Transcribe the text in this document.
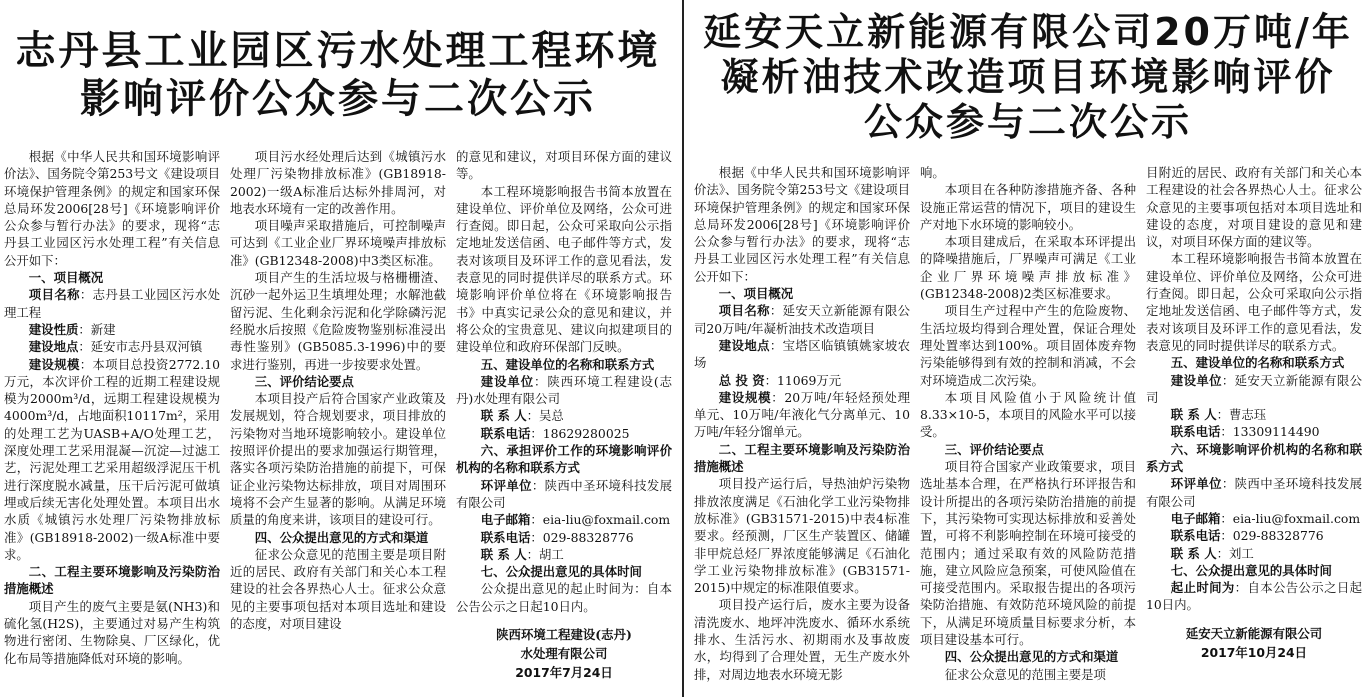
志丹县工业园区污水处理工程环境
影响评价公众参与二次公示

根据《中华人民共和国环境影响评价法》、国务院令第253号文《建设项目环境保护管理条例》的规定和国家环保总局环发2006[28号]《环境影响评价公众参与暂行办法》的要求，现将“志丹县工业园区污水处理工程”有关信息公开如下：

一、项目概况

项目名称：志丹县工业园区污水处理工程

建设性质：新建

建设地点：延安市志丹县双河镇

建设规模：本项目总投资2772.10万元，本次评价工程的近期工程建设规模为2000m³/d，远期工程建设规模为4000m³/d，占地面积10117m²，采用的处理工艺为UASB+A/O处理工艺，深度处理工艺采用混凝—沉淀—过滤工艺，污泥处理工艺采用超级浮泥压干机进行深度脱水减量，压干后污泥可做填埋或后续无害化处理处置。本项目出水水质《城镇污水处理厂污染物排放标准》(GB18918-2002)一级A标准中要求。

二、工程主要环境影响及污染防治措施概述

项目产生的废气主要是氨(NH3)和硫化氢(H2S)，主要通过对易产生构筑物进行密闭、生物除臭、厂区绿化，优化布局等措施降低对环境的影响。

项目污水经处理后达到《城镇污水处理厂污染物排放标准》(GB18918-2002)一级A标准后达标外排周河，对地表水环境有一定的改善作用。

项目噪声采取措施后，可控制噪声可达到《工业企业厂界环境噪声排放标准》(GB12348-2008)中3类区标准。

项目产生的生活垃圾与格栅栅渣、沉砂一起外运卫生填埋处理；水解池截留污泥、生化剩余污泥和化学除磷污泥经脱水后按照《危险废物鉴别标准浸出毒性鉴别》(GB5085.3-1996)中的要求进行鉴别，再进一步按要求处置。

三、评价结论要点

本项目投产后符合国家产业政策及发展规划，符合规划要求，项目排放的污染物对当地环境影响较小。建设单位按照评价提出的要求加强运行期管理，落实各项污染防治措施的前提下，可保证企业污染物达标排放，项目对周围环境将不会产生显著的影响。从满足环境质量的角度来讲，该项目的建设可行。

四、公众提出意见的方式和渠道

征求公众意见的范围主要是项目附近的居民、政府有关部门和关心本工程建设的社会各界热心人士。征求公众意见的主要事项包括对本项目选址和建设的态度，对项目建设

的意见和建议，对项目环保方面的建议等。

本工程环境影响报告书简本放置在建设单位、评价单位及网络，公众可进行查阅。即日起，公众可采取向公示指定地址发送信函、电子邮件等方式，发表对该项目及环评工作的意见看法，发表意见的同时提供详尽的联系方式。环境影响评价单位将在《环境影响报告书》中真实记录公众的意见和建议，并将公众的宝贵意见、建议向拟建项目的建设单位和政府环保部门反映。

五、建设单位的名称和联系方式

建设单位：陕西环境工程建设(志丹)水处理有限公司

联 系 人：吴总

联系电话：18629280025

六、承担评价工作的环境影响评价机构的名称和联系方式

环评单位：陕西中圣环境科技发展有限公司

电子邮箱：eia-liu@foxmail.com

联系电话：029-88328776

联 系 人：胡工

七、公众提出意见的具体时间

公众提出意见的起止时间为：自本公告公示之日起10日内。

陕西环境工程建设(志丹)
水处理有限公司
2017年7月24日
延安天立新能源有限公司20万吨/年
凝析油技术改造项目环境影响评价
公众参与二次公示

根据《中华人民共和国环境影响评价法》、国务院令第253号文《建设项目环境保护管理条例》的规定和国家环保总局环发2006[28号]《环境影响评价公众参与暂行办法》的要求，现将“志丹县工业园区污水处理工程”有关信息公开如下：

一、项目概况

项目名称：延安天立新能源有限公司20万吨/年凝析油技术改造项目

建设地点：宝塔区临镇镇姚家坡农场

总 投 资：11069万元

建设规模：20万吨/年轻烃预处理单元、10万吨/年液化气分离单元、10万吨/年轻分馏单元。

二、工程主要环境影响及污染防治措施概述

项目投产运行后，导热油炉污染物排放浓度满足《石油化学工业污染物排放标准》(GB31571-2015)中表4标准要求。经预测，厂区生产装置区、储罐非甲烷总烃厂界浓度能够满足《石油化学工业污染物排放标准》(GB31571-2015)中规定的标准限值要求。

项目投产运行后，废水主要为设备清洗废水、地坪冲洗废水、循环水系统排水、生活污水、初期雨水及事故废水，均得到了合理处置，无生产废水外排，对周边地表水环境无影

响。

本项目在各种防渗措施齐备、各种设施正常运营的情况下，项目的建设生产对地下水环境的影响较小。

本项目建成后，在采取本环评提出的降噪措施后，厂界噪声可满足《工业企业厂界环境噪声排放标准》(GB12348-2008)2类区标准要求。

项目生产过程中产生的危险废物、生活垃圾均得到合理处置，保证合理处理处置率达到100%。项目固体废弃物污染能够得到有效的控制和消减，不会对环境造成二次污染。

本项目风险值小于风险统计值8.33×10-5，本项目的风险水平可以接受。

三、评价结论要点

项目符合国家产业政策要求，项目选址基本合理，在严格执行环评报告和设计所提出的各项污染防治措施的前提下，其污染物可实现达标排放和妥善处置，可将不利影响控制在环境可接受的范围内；通过采取有效的风险防范措施，建立风险应急预案，可使风险值在可接受范围内。采取报告提出的各项污染防治措施、有效防范环境风险的前提下，从满足环境质量目标要求分析，本项目建设基本可行。

四、公众提出意见的方式和渠道

征求公众意见的范围主要是项

目附近的居民、政府有关部门和关心本工程建设的社会各界热心人士。征求公众意见的主要事项包括对本项目选址和建设的态度，对项目建设的意见和建议，对项目环保方面的建议等。

本工程环境影响报告书简本放置在建设单位、评价单位及网络，公众可进行查阅。即日起，公众可采取向公示指定地址发送信函、电子邮件等方式，发表对该项目及环评工作的意见看法，发表意见的同时提供详尽的联系方式。

五、建设单位的名称和联系方式

建设单位：延安天立新能源有限公司

联 系 人：曹志珏

联系电话：13309114490

六、环境影响评价机构的名称和联系方式

环评单位：陕西中圣环境科技发展有限公司

电子邮箱：eia-liu@foxmail.com

联系电话：029-88328776

联 系 人：刘工

七、公众提出意见的具体时间

起止时间为：自本公告公示之日起10日内。

延安天立新能源有限公司
2017年10月24日
